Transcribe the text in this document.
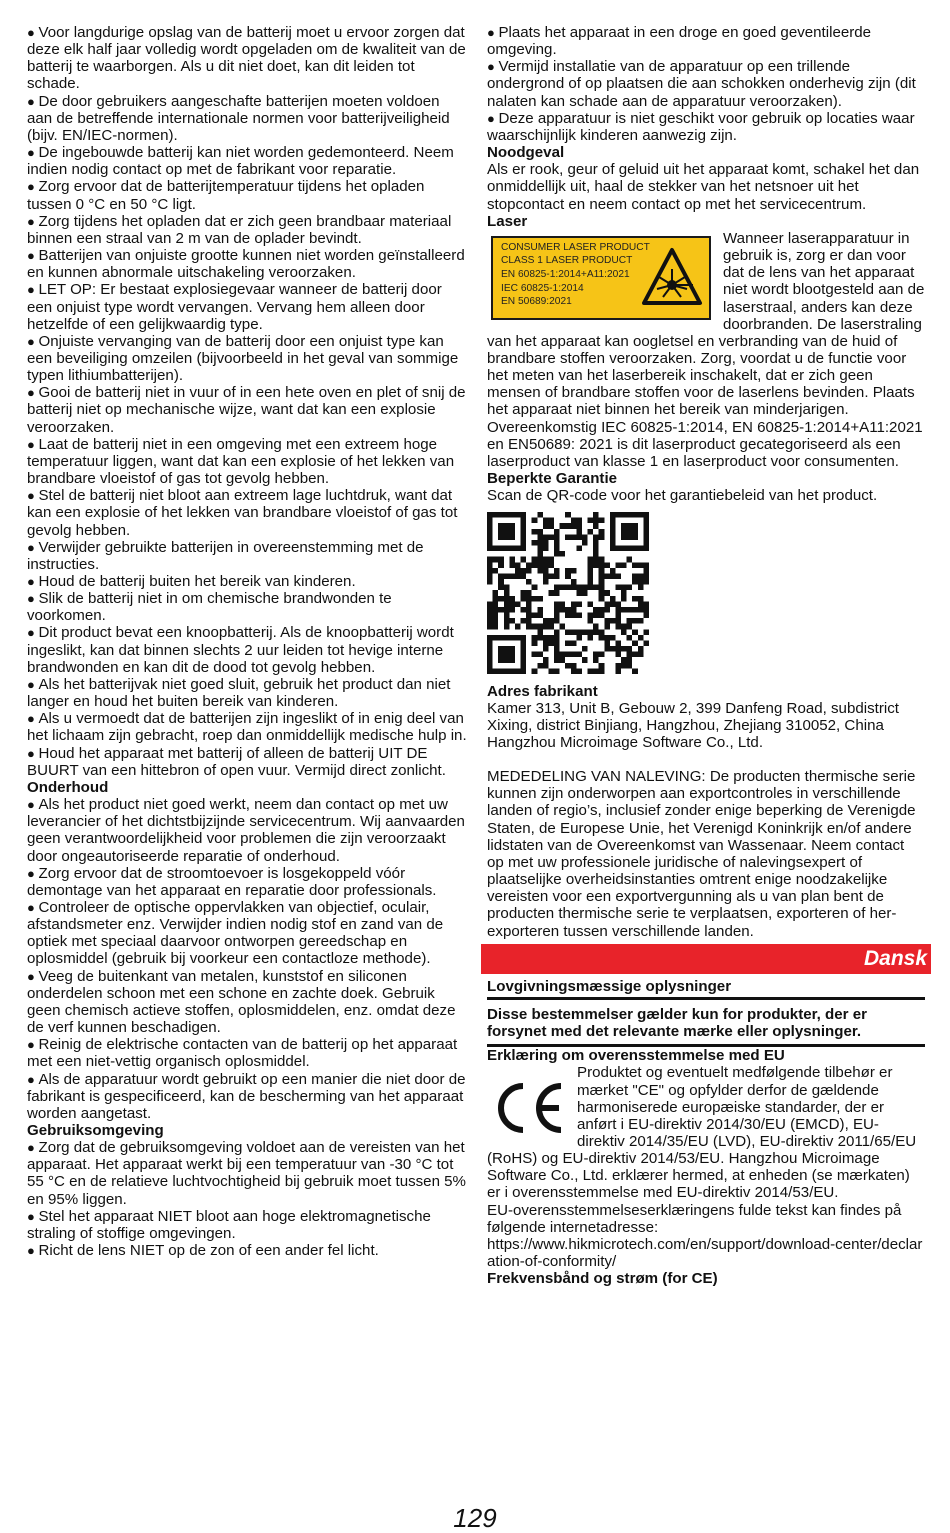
● Voor langdurige opslag van de batterij moet u ervoor zorgen dat deze elk half jaar volledig wordt opgeladen om de kwaliteit van de batterij te waarborgen. Als u dit niet doet, kan dit leiden tot schade.

● De door gebruikers aangeschafte batterijen moeten voldoen aan de betreffende internationale normen voor batterijveiligheid (bijv. EN/IEC-normen).

● De ingebouwde batterij kan niet worden gedemonteerd. Neem indien nodig contact op met de fabrikant voor reparatie.

● Zorg ervoor dat de batterijtemperatuur tijdens het opladen tussen 0 °C en 50 °C ligt.

● Zorg tijdens het opladen dat er zich geen brandbaar materiaal binnen een straal van 2 m van de oplader bevindt.

● Batterijen van onjuiste grootte kunnen niet worden geïnstalleerd en kunnen abnormale uitschakeling veroorzaken.

● LET OP: Er bestaat explosiegevaar wanneer de batterij door een onjuist type wordt vervangen. Vervang hem alleen door hetzelfde of een gelijkwaardig type.

● Onjuiste vervanging van de batterij door een onjuist type kan een beveiliging omzeilen (bijvoorbeeld in het geval van sommige typen lithiumbatterijen).

● Gooi de batterij niet in vuur of in een hete oven en plet of snij de batterij niet op mechanische wijze, want dat kan een explosie veroorzaken.

● Laat de batterij niet in een omgeving met een extreem hoge temperatuur liggen, want dat kan een explosie of het lekken van brandbare vloeistof of gas tot gevolg hebben.

● Stel de batterij niet bloot aan extreem lage luchtdruk, want dat kan een explosie of het lekken van brandbare vloeistof of gas tot gevolg hebben.

● Verwijder gebruikte batterijen in overeenstemming met de instructies.

● Houd de batterij buiten het bereik van kinderen.

● Slik de batterij niet in om chemische brandwonden te voorkomen.

● Dit product bevat een knoopbatterij. Als de knoopbatterij wordt ingeslikt, kan dat binnen slechts 2 uur leiden tot hevige interne brandwonden en kan dit de dood tot gevolg hebben.

● Als het batterijvak niet goed sluit, gebruik het product dan niet langer en houd het buiten bereik van kinderen.

● Als u vermoedt dat de batterijen zijn ingeslikt of in enig deel van het lichaam zijn gebracht, roep dan onmiddellijk medische hulp in.

● Houd het apparaat met batterij of alleen de batterij UIT DE BUURT van een hittebron of open vuur. Vermijd direct zonlicht.

Onderhoud

● Als het product niet goed werkt, neem dan contact op met uw leverancier of het dichtstbijzijnde servicecentrum. Wij aanvaarden geen verantwoordelijkheid voor problemen die zijn veroorzaakt door ongeautoriseerde reparatie of onderhoud.

● Zorg ervoor dat de stroomtoevoer is losgekoppeld vóór demontage van het apparaat en reparatie door professionals.

● Controleer de optische oppervlakken van objectief, oculair, afstandsmeter enz. Verwijder indien nodig stof en zand van de optiek met speciaal daarvoor ontworpen gereedschap en oplosmiddel (gebruik bij voorkeur een contactloze methode).

● Veeg de buitenkant van metalen, kunststof en siliconen onderdelen schoon met een schone en zachte doek. Gebruik geen chemisch actieve stoffen, oplosmiddelen, enz. omdat deze de verf kunnen beschadigen.

● Reinig de elektrische contacten van de batterij op het apparaat met een niet-vettig organisch oplosmiddel.

● Als de apparatuur wordt gebruikt op een manier die niet door de fabrikant is gespecificeerd, kan de bescherming van het apparaat worden aangetast.

Gebruiksomgeving

● Zorg dat de gebruiksomgeving voldoet aan de vereisten van het apparaat. Het apparaat werkt bij een temperatuur van -30 °C tot 55 °C en de relatieve luchtvochtigheid bij gebruik moet tussen 5% en 95% liggen.

● Stel het apparaat NIET bloot aan hoge elektromagnetische straling of stoffige omgevingen.

● Richt de lens NIET op de zon of een ander fel licht.

● Plaats het apparaat in een droge en goed geventileerde omgeving.

● Vermijd installatie van de apparatuur op een trillende ondergrond of op plaatsen die aan schokken onderhevig zijn (dit nalaten kan schade aan de apparatuur veroorzaken).

● Deze apparatuur is niet geschikt voor gebruik op locaties waar waarschijnlijk kinderen aanwezig zijn.

Noodgeval

Als er rook, geur of geluid uit het apparaat komt, schakel het dan onmiddellijk uit, haal de stekker van het netsnoer uit het stopcontact en neem contact op met het servicecentrum.

Laser

CONSUMER LASER PRODUCT
CLASS 1 LASER PRODUCT
EN 60825-1:2014+A11:2021
IEC 60825-1:2014
EN 50689:2021

Wanneer laserapparatuur in gebruik is, zorg er dan voor dat de lens van het apparaat niet wordt blootgesteld aan de laserstraal, anders kan deze doorbranden. De laserstraling van het apparaat kan oogletsel en verbranding van de huid of brandbare stoffen veroorzaken. Zorg, voordat u de functie voor het meten van het laserbereik inschakelt, dat er zich geen mensen of brandbare stoffen voor de laserlens bevinden. Plaats het apparaat niet binnen het bereik van minderjarigen. Overeenkomstig IEC 60825-1:2014, EN 60825-1:2014+A11:2021 en EN50689: 2021 is dit laserproduct gecategoriseerd als een laserproduct van klasse 1 en laserproduct voor consumenten.

Beperkte Garantie

Scan de QR-code voor het garantiebeleid van het product.

Adres fabrikant

Kamer 313, Unit B, Gebouw 2, 399 Danfeng Road, subdistrict Xixing, district Binjiang, Hangzhou, Zhejiang 310052, China

Hangzhou Microimage Software Co., Ltd.

MEDEDELING VAN NALEVING: De producten thermische serie kunnen zijn onderworpen aan exportcontroles in verschillende landen of regio’s, inclusief zonder enige beperking de Verenigde Staten, de Europese Unie, het Verenigd Koninkrijk en/of andere lidstaten van de Overeenkomst van Wassenaar. Neem contact op met uw professionele juridische of nalevingsexpert of plaatselijke overheidsinstanties omtrent enige noodzakelijke vereisten voor een exportvergunning als u van plan bent de producten thermische serie te verplaatsen, exporteren of her-exporteren tussen verschillende landen.

Dansk

Lovgivningsmæssige oplysninger

Disse bestemmelser gælder kun for produkter, der er forsynet med det relevante mærke eller oplysninger.

Erklæring om overensstemmelse med EU

Produktet og eventuelt medfølgende tilbehør er mærket "CE" og opfylder derfor de gældende harmoniserede europæiske standarder, der er anført i EU-direktiv 2014/30/EU (EMCD), EU-direktiv 2014/35/EU (LVD), EU-direktiv 2011/65/EU (RoHS) og EU-direktiv 2014/53/EU. Hangzhou Microimage Software Co., Ltd. erklærer hermed, at enheden (se mærkaten) er i overensstemmelse med EU-direktiv 2014/53/EU.

EU-overensstemmelseserklæringens fulde tekst kan findes på følgende internetadresse:

https://www.hikmicrotech.com/en/support/download-center/declaration-of-conformity/

Frekvensbånd og strøm (for CE)

129
